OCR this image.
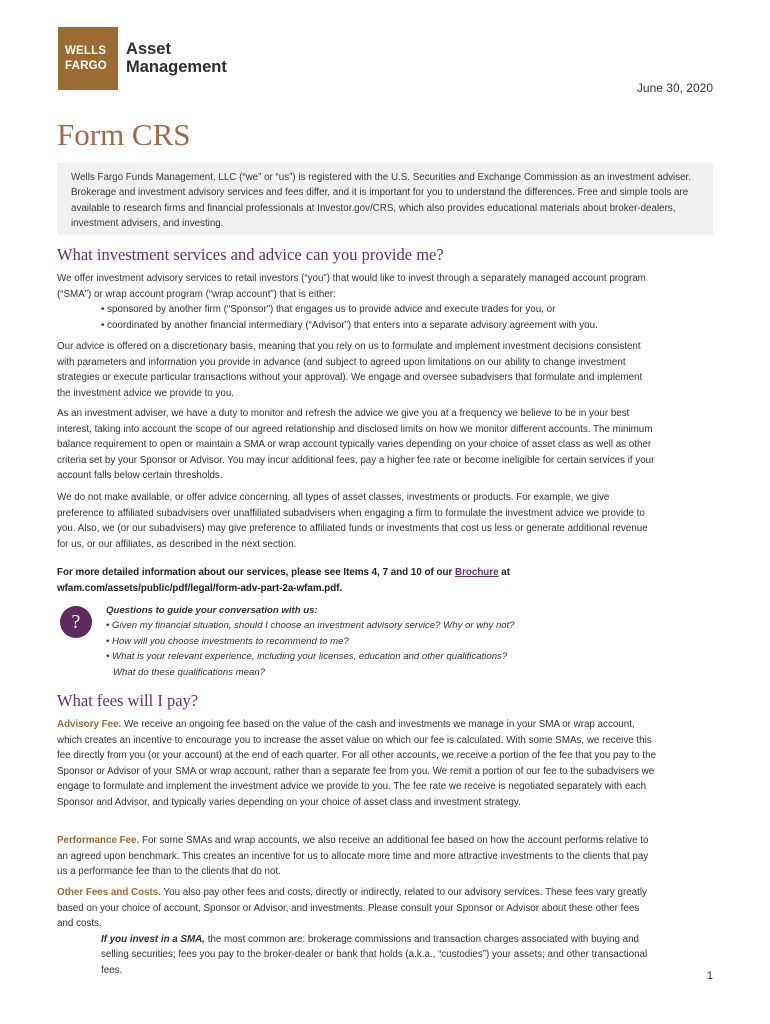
WELLS
FARGO
Asset
Management
June 30, 2020
Form CRS

Wells Fargo Funds Management, LLC (“we” or “us”) is registered with the U.S. Securities and Exchange Commission as an investment adviser. Brokerage and investment advisory services and fees differ, and it is important for you to understand the differences. Free and simple tools are available to research firms and financial professionals at Investor.gov/CRS, which also provides educational materials about broker-dealers, investment advisers, and investing.

What investment services and advice can you provide me?

We offer investment advisory services to retail investors (“you”) that would like to invest through a separately managed account program (“SMA”) or wrap account program (“wrap account”) that is either:

• sponsored by another firm (“Sponsor”) that engages us to provide advice and execute trades for you, or

• coordinated by another financial intermediary (“Advisor”) that enters into a separate advisory agreement with you.

Our advice is offered on a discretionary basis, meaning that you rely on us to formulate and implement investment decisions consistent with parameters and information you provide in advance (and subject to agreed upon limitations on our ability to change investment strategies or execute particular transactions without your approval). We engage and oversee subadvisers that formulate and implement the investment advice we provide to you.

As an investment adviser, we have a duty to monitor and refresh the advice we give you at a frequency we believe to be in your best interest, taking into account the scope of our agreed relationship and disclosed limits on how we monitor different accounts. The minimum balance requirement to open or maintain a SMA or wrap account typically varies depending on your choice of asset class as well as other criteria set by your Sponsor or Advisor. You may incur additional fees, pay a higher fee rate or become ineligible for certain services if your account falls below certain thresholds.

We do not make available, or offer advice concerning, all types of asset classes, investments or products. For example, we give preference to affiliated subadvisers over unaffiliated subadvisers when engaging a firm to formulate the investment advice we provide to you. Also, we (or our subadvisers) may give preference to affiliated funds or investments that cost us less or generate additional revenue for us, or our affiliates, as described in the next section.

For more detailed information about our services, please see Items 4, 7 and 10 of our Brochure at

wfam.com/assets/public/pdf/legal/form-adv-part-2a-wfam.pdf.

?	Questions to guide your conversation with us:

• Given my financial situation, should I choose an investment advisory service? Why or why not?

• How will you choose investments to recommend to me?

• What is your relevant experience, including your licenses, education and other qualifications?

What do these qualifications mean?

What fees will I pay?

Advisory Fee. We receive an ongoing fee based on the value of the cash and investments we manage in your SMA or wrap account, which creates an incentive to encourage you to increase the asset value on which our fee is calculated. With some SMAs, we receive this fee directly from you (or your account) at the end of each quarter. For all other accounts, we receive a portion of the fee that you pay to the Sponsor or Advisor of your SMA or wrap account, rather than a separate fee from you. We remit a portion of our fee to the subadvisers we engage to formulate and implement the investment advice we provide to you. The fee rate we receive is negotiated separately with each Sponsor and Advisor, and typically varies depending on your choice of asset class and investment strategy.

Performance Fee. For some SMAs and wrap accounts, we also receive an additional fee based on how the account performs relative to an agreed upon benchmark. This creates an incentive for us to allocate more time and more attractive investments to the clients that pay us a performance fee than to the clients that do not.

Other Fees and Costs. You also pay other fees and costs, directly or indirectly, related to our advisory services. These fees vary greatly based on your choice of account, Sponsor or Advisor, and investments. Please consult your Sponsor or Advisor about these other fees and costs.

If you invest in a SMA, the most common are: brokerage commissions and transaction charges associated with buying and selling securities; fees you pay to the broker-dealer or bank that holds (a.k.a., “custodies”) your assets; and other transactional fees.	1
